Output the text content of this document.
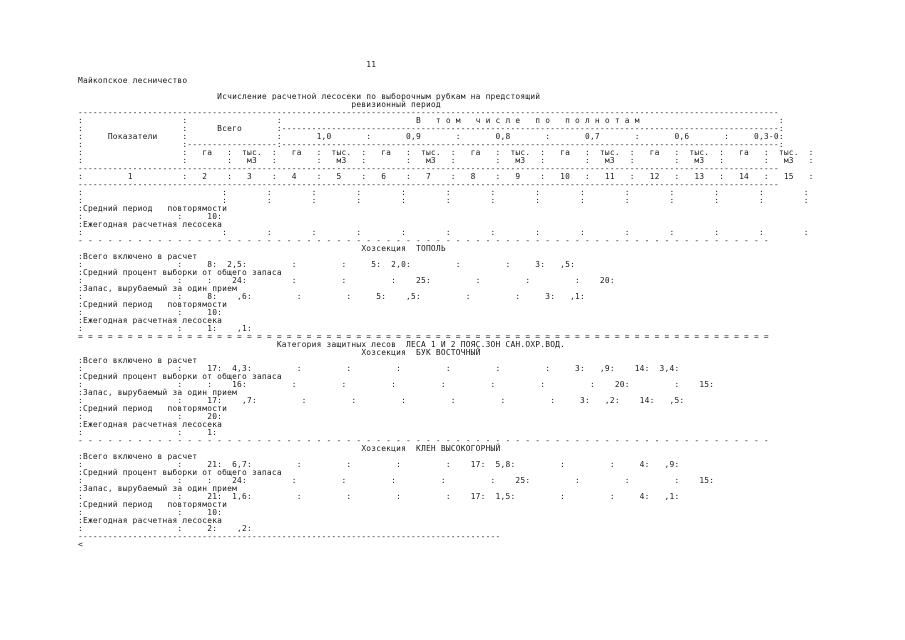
11
Майкопское лесничество
Исчисление расчетной лесосеки по выборочным рубкам на предстоящий
ревизионный период
---------------------------------------------------------------------------------------------------------------------------------------------
:                    :                  :                           В   т о м   ч и с л е   п о   п о л н о т а м                            :
:                    :      Всего       :----------------------------------------------------------------------------------------------------:
:     Показатели     :                  :       1,0       :       0,9       :       0,8       :       0,7       :       0,6       :     0,3-0:
:                    :------------------:----------------------------------------------------------------------------------------------------:
:                    :   га   :  тыс.  :   га   :  тыс.  :   га   :  тыс.  :   га   :  тыс.  :   га   :  тыс.  :   га   :  тыс.  :   га   :  тыс.  :
:                    :        :   м3   :        :   м3   :        :   м3   :        :   м3   :        :   м3   :        :   м3   :        :   м3   :
---------------------------------------------------------------------------------------------------------------------------------------------
:         1          :   2    :   3    :   4    :   5    :   6    :   7    :   8    :   9    :   10   :   11   :   12   :   13   :   14   :   15   :
---------------------------------------------------------------------------------------------------------------------------------------------
:                            :        :        :        :        :        :        :        :        :        :        :        :        :        :
:                            :        :        :        :        :        :        :        :        :        :        :        :        :        :
:Средний период   повторямости
:                   :     10:
:Ежегодная расчетная лесосека
:                            :        :        :        :        :        :        :        :        :        :        :        :        :        :
- - - - - - - - - - - - - - - - - - - - - - - - - - - - - - - - - - - - - - - - - - - - - - - - - - - - - - - - - - - - - - - - - - - - - -
Хозсекция  ТОПОЛЬ
:Всего включено в расчет
:                   :     8:  2,5:         :         :     5:  2,0:         :         :     3:   ,5:
:Средний процент выборки от общего запаса
:                   :     :    24:         :         :         :    25:         :         :         :    20:
:Запас, вырубаемый за один прием
:                   :     8:    ,6:         :         :     5:    ,5:         :         :     3:   ,1:
:Средний период   повторямости
:                   :     10:
:Ежегодная расчетная лесосека
:                   :     1:    ,1:
= = = = = = = = = = = = = = = = = = = = = = = = = = = = = = = = = = = = = = = = = = = = = = = = = = = = = = = = = = = = = = = = = = = = = =
Категория защитных лесов  ЛЕСА 1 И 2 ПОЯС.ЗОН САН.ОХР.ВОД.
Хозсекция  БУК ВОСТОЧНЫЙ
:Всего включено в расчет
:                   :     17:  4,3:         :         :         :         :         :         :     3:   ,9:    14:  3,4:
:Средний процент выборки от общего запаса
:                   :     :    16:         :         :         :         :         :         :         :    20:         :    15:
:Запас, вырубаемый за один прием
:                   :     17:    ,7:         :         :         :         :         :         :     3:   ,2:    14:   ,5:
:Средний период   повторямости
:                   :     20:
:Ежегодная расчетная лесосека
:                   :     1:
- - - - - - - - - - - - - - - - - - - - - - - - - - - - - - - - - - - - - - - - - - - - - - - - - - - - - - - - - - - - - - - - - - - - - -
Хозсекция  КЛЕН ВЫСОКОГОРНЫЙ
:Всего включено в расчет
:                   :     21:  6,7:         :         :         :         :    17:  5,8:         :         :     4:   ,9:
:Средний процент выборки от общего запаса
:                   :     :    24:         :         :         :         :         :    25:         :         :         :    15:
:Запас, вырубаемый за один прием
:                   :     21:  1,6:         :         :         :         :    17:  1,5:         :         :     4:   ,1:
:Средний период   повторямости
:                   :     10:
:Ежегодная расчетная лесосека
:                   :     2:    ,2:
-------------------------------------------------------------------------------------
<
